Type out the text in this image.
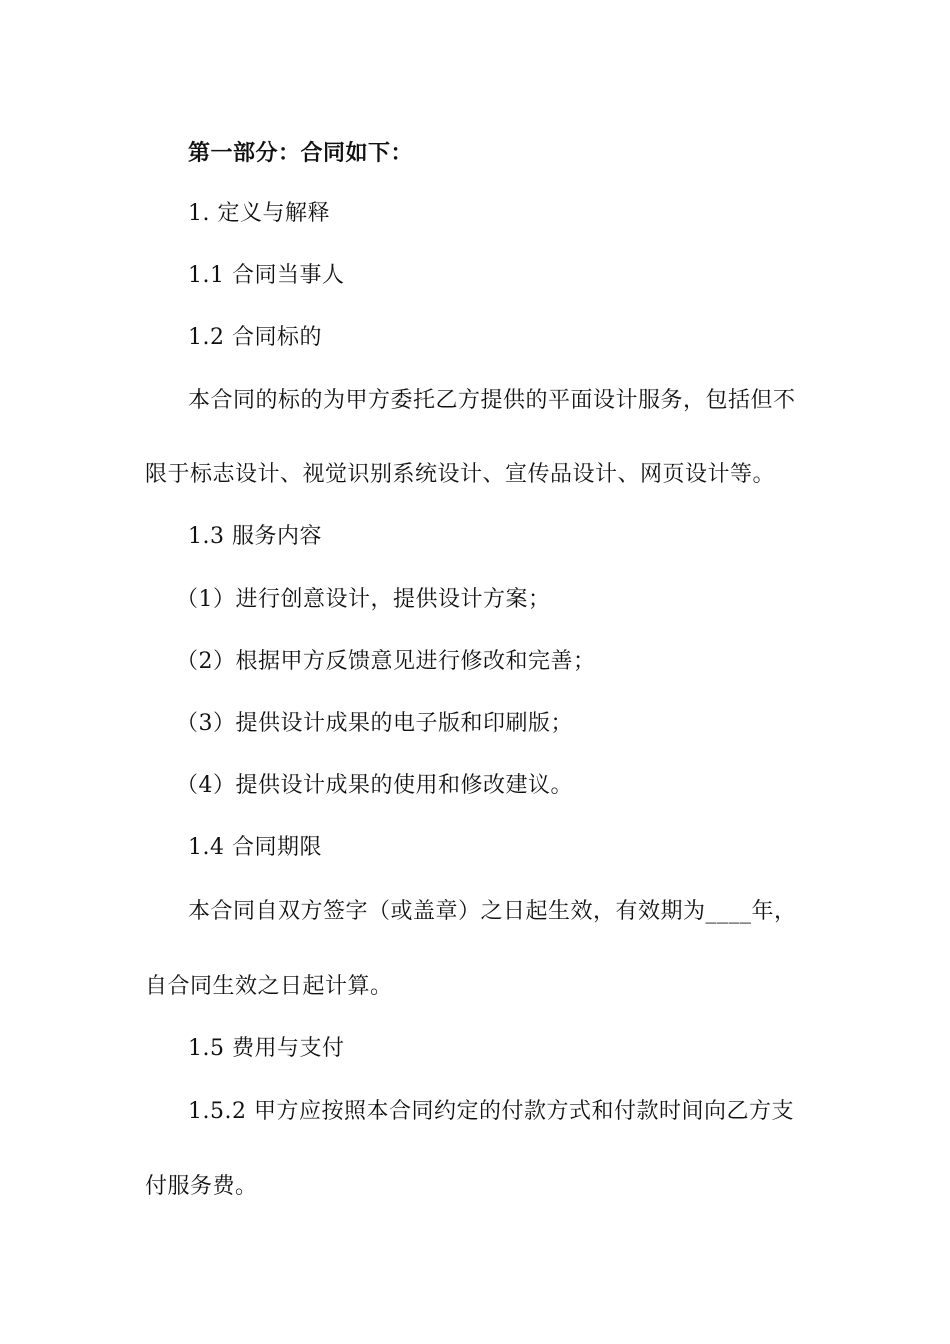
第一部分：合同如下：
1. 定义与解释
1.1 合同当事人
1.2 合同标的
本合同的标的为甲方委托乙方提供的平面设计服务，包括但不
限于标志设计、视觉识别系统设计、宣传品设计、网页设计等。
1.3 服务内容
（1）进行创意设计，提供设计方案；
（2）根据甲方反馈意见进行修改和完善；
（3）提供设计成果的电子版和印刷版；
（4）提供设计成果的使用和修改建议。
1.4 合同期限
本合同自双方签字（或盖章）之日起生效，有效期为____年，
自合同生效之日起计算。
1.5 费用与支付
1.5.2 甲方应按照本合同约定的付款方式和付款时间向乙方支
付服务费。
